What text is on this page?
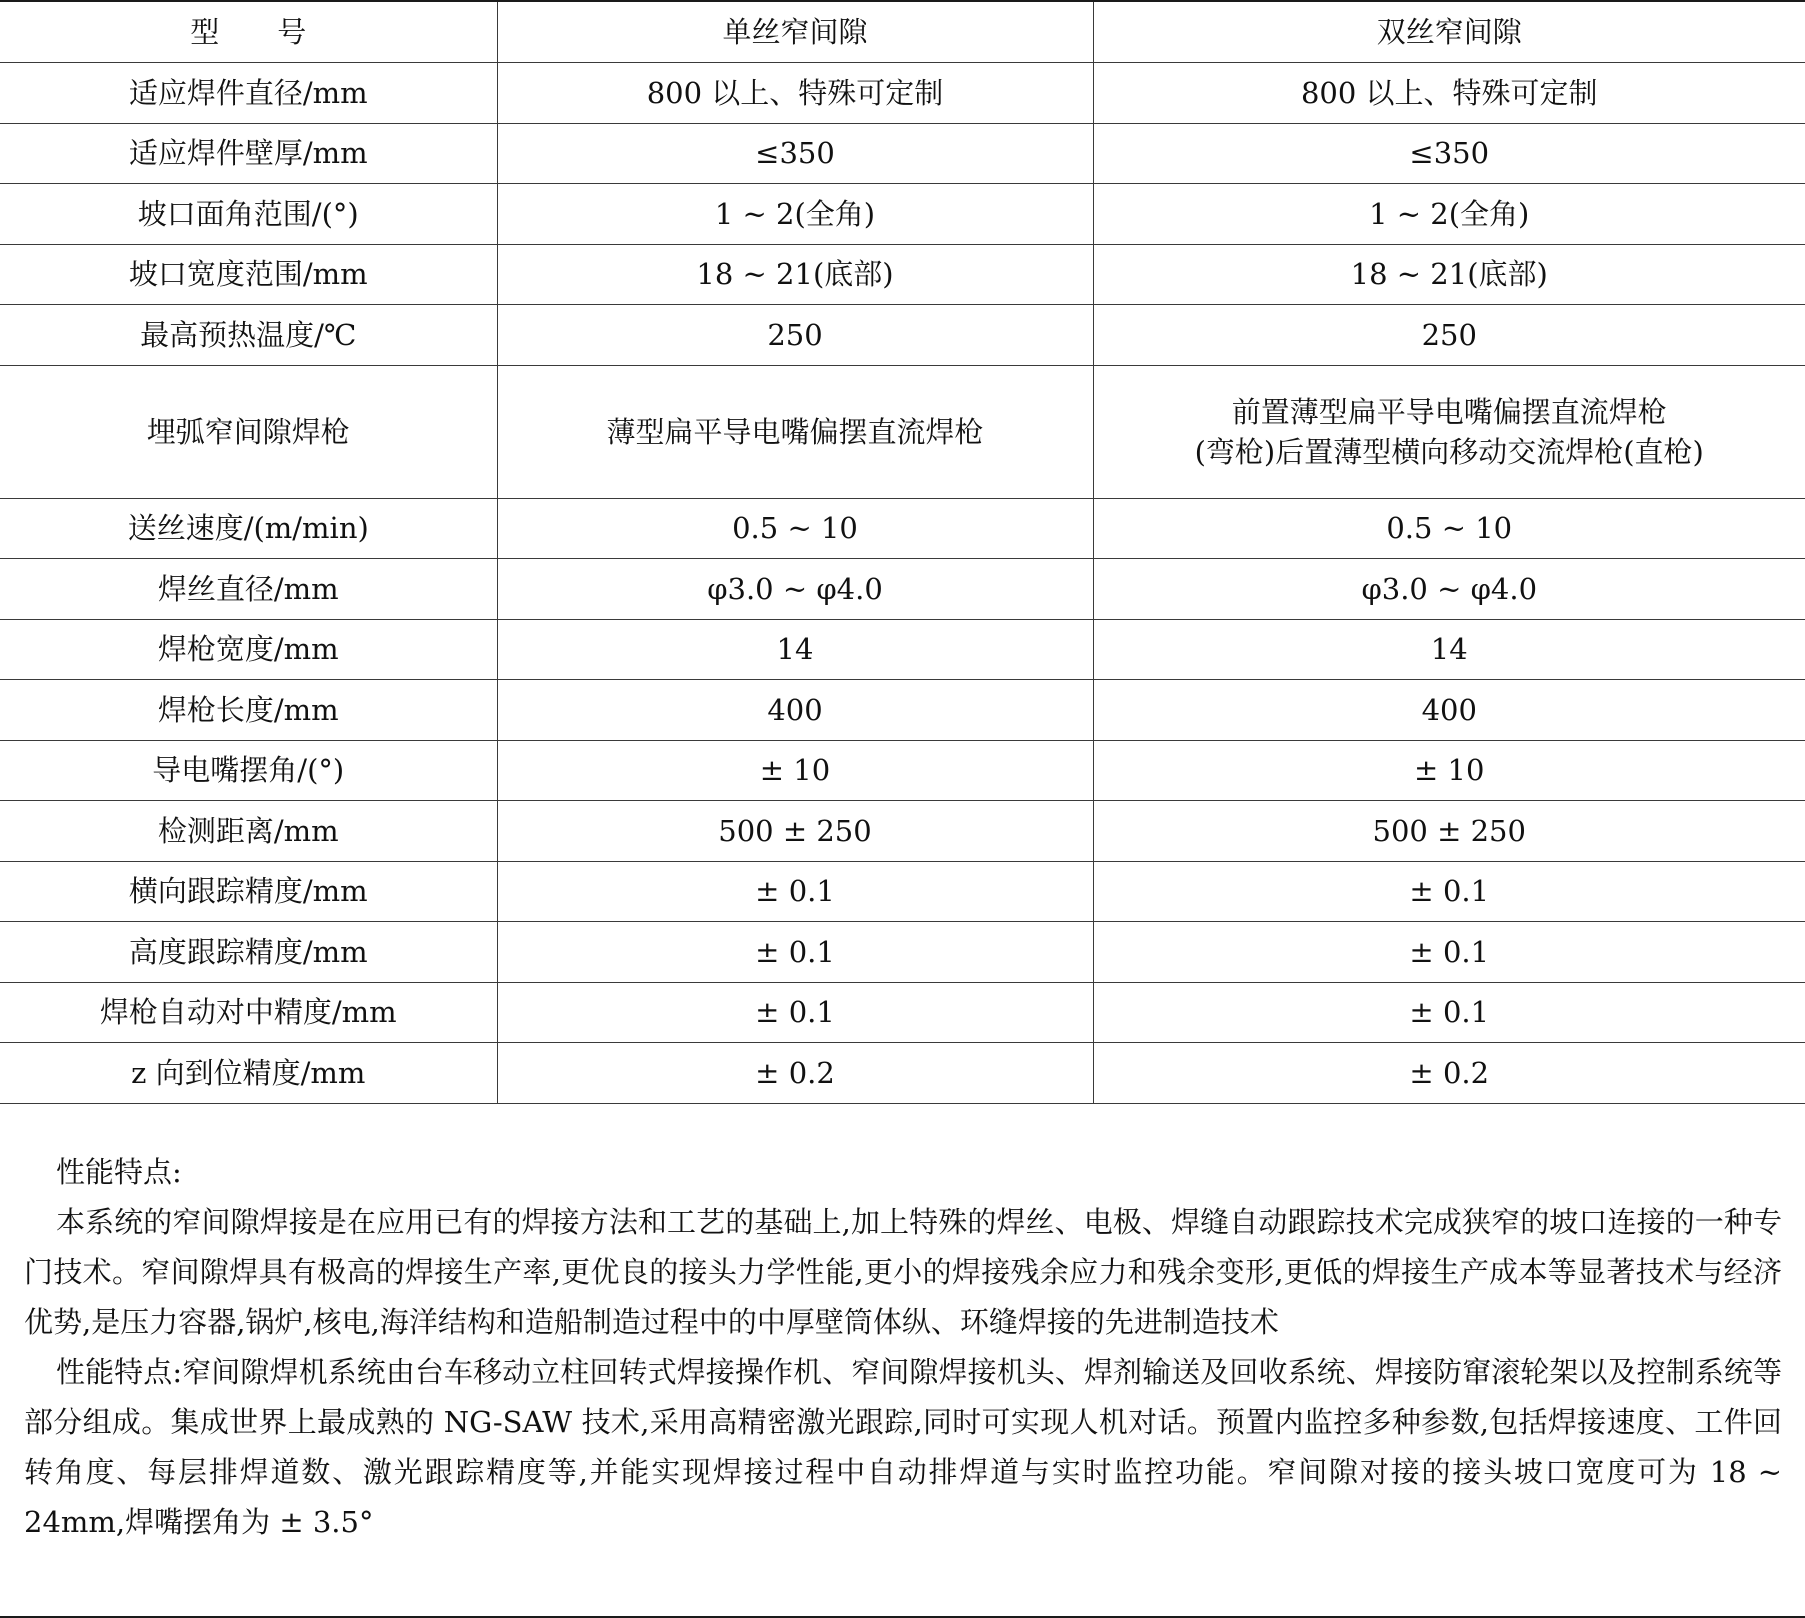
型　　号	单丝窄间隙	双丝窄间隙
适应焊件直径/mm	800 以上、特殊可定制	800 以上、特殊可定制
适应焊件壁厚/mm	≤350	≤350
坡口面角范围/(°)	1 ~ 2(全角)	1 ~ 2(全角)
坡口宽度范围/mm	18 ~ 21(底部)	18 ~ 21(底部)
最高预热温度/℃	250	250
埋弧窄间隙焊枪	薄型扁平导电嘴偏摆直流焊枪	前置薄型扁平导电嘴偏摆直流焊枪
(弯枪)后置薄型横向移动交流焊枪(直枪)

送丝速度/(m/min)	0.5 ~ 10	0.5 ~ 10
焊丝直径/mm	φ3.0 ~ φ4.0	φ3.0 ~ φ4.0
焊枪宽度/mm	14	14
焊枪长度/mm	400	400
导电嘴摆角/(°)	± 10	± 10
检测距离/mm	500 ± 250	500 ± 250
横向跟踪精度/mm	± 0.1	± 0.1
高度跟踪精度/mm	± 0.1	± 0.1
焊枪自动对中精度/mm	± 0.1	± 0.1
z 向到位精度/mm	± 0.2	± 0.2

性能特点:

本系统的窄间隙焊接是在应用已有的焊接方法和工艺的基础上,加上特殊的焊丝、电极、焊缝自动跟踪技术完成狭窄的坡口连接的一种专门技术。窄间隙焊具有极高的焊接生产率,更优良的接头力学性能,更小的焊接残余应力和残余变形,更低的焊接生产成本等显著技术与经济优势,是压力容器,锅炉,核电,海洋结构和造船制造过程中的中厚壁筒体纵、环缝焊接的先进制造技术

性能特点:窄间隙焊机系统由台车移动立柱回转式焊接操作机、窄间隙焊接机头、焊剂输送及回收系统、焊接防窜滚轮架以及控制系统等部分组成。集成世界上最成熟的 NG-SAW 技术,采用高精密激光跟踪,同时可实现人机对话。预置内监控多种参数,包括焊接速度、工件回转角度、每层排焊道数、激光跟踪精度等,并能实现焊接过程中自动排焊道与实时监控功能。窄间隙对接的接头坡口宽度可为 18 ~ 24mm,焊嘴摆角为 ± 3.5°
